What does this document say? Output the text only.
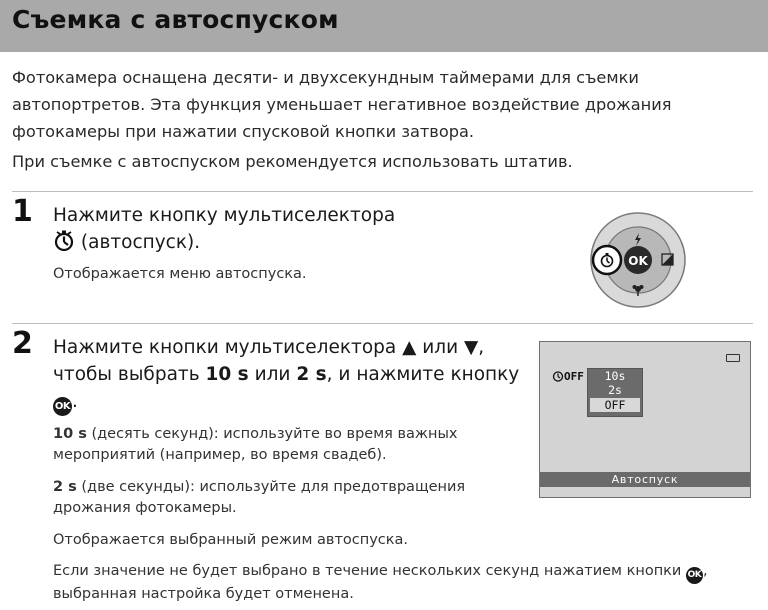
Съемка с автоспуском

Фотокамера оснащена десяти- и двухсекундным таймерами для съемки автопортретов. Эта функция уменьшает негативное воздействие дрожания фотокамеры при нажатии спусковой кнопки затвора.

При съемке с автоспуском рекомендуется использовать штатив.

1 Нажмите кнопку мультиселектора
(автоспуск).
Отображается меню автоспуска.
OK
2 Нажмите кнопки мультиселектора ▲ или ▼,
чтобы выбрать 10 s или 2 s, и нажмите кнопку
OK .

10 s (десять секунд): используйте во время важных мероприятий (например, во время свадеб).

2 s (две секунды): используйте для предотвращения дрожания фотокамеры.

Отображается выбранный режим автоспуска.

Если значение не будет выбрано в течение нескольких секунд нажатием кнопки OK ,

выбранная настройка будет отменена.

OFF	10s
2s
OFF
Автоспуск
